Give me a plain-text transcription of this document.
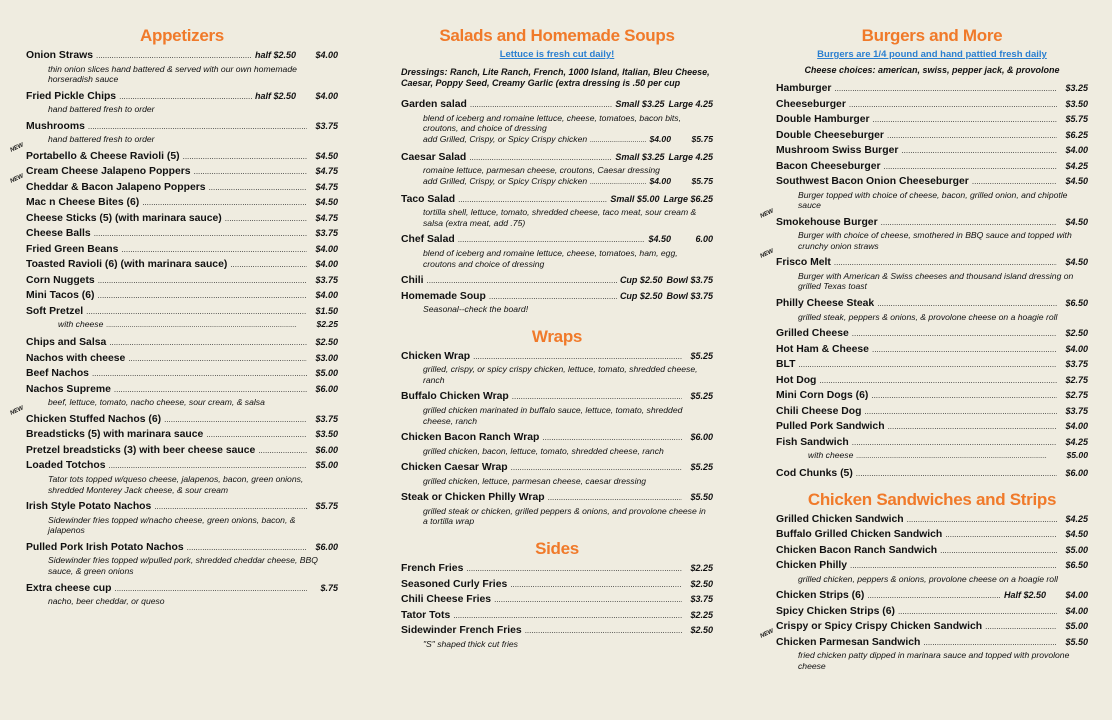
Appetizers
Onion Straws .....	half $2.50	$4.00
thin onion slices hand battered & served with our own homemade horseradish sauce
Fried Pickle Chips .....	half $2.50	$4.00
hand battered fresh to order
Mushrooms .....	$3.75
hand battered fresh to order
NEW
Portabello & Cheese Ravioli (5) .....	$4.50
Cream Cheese Jalapeno Poppers .....	$4.75
NEW
Cheddar & Bacon Jalapeno Poppers .....	$4.75
Mac n Cheese Bites (6) .....	$4.50
Cheese Sticks (5) (with marinara sauce) .....	$4.75
Cheese Balls .....	$3.75
Fried Green Beans .....	$4.00
Toasted Ravioli (6) (with marinara sauce) .....	$4.00
Corn Nuggets .....	$3.75
Mini Tacos (6) .....	$4.00
Soft Pretzel .....	$1.50
with cheese .....	$2.25
Chips and Salsa .....	$2.50
Nachos with cheese .....	$3.00
Beef Nachos .....	$5.00
Nachos Supreme .....	$6.00
beef, lettuce, tomato, nacho cheese, sour cream, & salsa
NEW
Chicken Stuffed Nachos (6) .....	$3.75
Breadsticks (5) with marinara sauce .....	$3.50
Pretzel breadsticks (3) with beer cheese sauce .....	$6.00
Loaded Totchos .....	$5.00
Tator tots topped w/queso cheese, jalapenos, bacon, green onions, shredded Monterey Jack cheese, & sour cream
Irish Style Potato Nachos .....	$5.75
Sidewinder fries topped w/nacho cheese, green onions, bacon, & jalapenos
Pulled Pork Irish Potato Nachos .....	$6.00
Sidewinder fries topped w/pulled pork, shredded cheddar cheese, BBQ sauce, & green onions
Extra cheese cup .....	$.75
nacho, beer cheddar, or queso
Salads and Homemade Soups
Lettuce is fresh cut daily!
Dressings: Ranch, Lite Ranch, French, 1000 Island, Italian, Bleu Cheese, Caesar, Poppy Seed, Creamy Garlic (extra dressing is .50 per cup
Garden salad .....	Small $3.25 Large 4.25
blend of iceberg and romaine lettuce, cheese, tomatoes, bacon bits, croutons, and choice of dressing
add Grilled, Crispy, or Spicy Crispy chicken .....	$4.00	$5.75
Caesar Salad .....	Small $3.25 Large 4.25
romaine lettuce, parmesan cheese, croutons, Caesar dressing
add Grilled, Crispy, or Spicy Crispy chicken .....	$4.00	$5.75
Taco Salad .....	Small $5.00 Large $6.25
tortilla shell, lettuce, tomato, shredded cheese, taco meat, sour cream & salsa (extra meat, add .75)
Chef Salad .....	$4.50	6.00
blend of iceberg and romaine lettuce, cheese, tomatoes, ham, egg, croutons and choice of dressing
Chili .....	Cup $2.50 Bowl $3.75
Homemade Soup .....	Cup $2.50 Bowl $3.75
Seasonal--check the board!
Wraps
Chicken Wrap .....	$5.25
grilled, crispy, or spicy crispy chicken, lettuce, tomato, shredded cheese, ranch
Buffalo Chicken Wrap .....	$5.25
grilled chicken marinated in buffalo sauce, lettuce, tomato, shredded cheese, ranch
Chicken Bacon Ranch Wrap .....	$6.00
grilled chicken, bacon, lettuce, tomato, shredded cheese, ranch
Chicken Caesar Wrap .....	$5.25
grilled chicken, lettuce, parmesan cheese, caesar dressing
Steak or Chicken Philly Wrap .....	$5.50
grilled steak or chicken, grilled peppers & onions, and provolone cheese in a tortilla wrap
Sides
French Fries .....	$2.25
Seasoned Curly Fries .....	$2.50
Chili Cheese Fries .....	$3.75
Tator Tots .....	$2.25
Sidewinder French Fries .....	$2.50
"S" shaped thick cut fries
Burgers and More
Burgers are 1/4 pound and hand pattied fresh daily
Cheese choices: american, swiss, pepper jack, & provolone
Hamburger .....	$3.25
Cheeseburger .....	$3.50
Double Hamburger .....	$5.75
Double Cheeseburger .....	$6.25
Mushroom Swiss Burger .....	$4.00
Bacon Cheeseburger .....	$4.25
Southwest Bacon Onion Cheeseburger .....	$4.50
Burger topped with choice of cheese, bacon, grilled onion, and chipotle sauce
NEW
Smokehouse Burger .....	$4.50
Burger with choice of cheese, smothered in BBQ sauce and topped with crunchy onion straws
NEW
Frisco Melt .....	$4.50
Burger with American & Swiss cheeses and thousand island dressing on grilled Texas toast
Philly Cheese Steak .....	$6.50
grilled steak, peppers & onions, & provolone cheese on a hoagie roll
Grilled Cheese .....	$2.50
Hot Ham & Cheese .....	$4.00
BLT .....	$3.75
Hot Dog .....	$2.75
Mini Corn Dogs (6) .....	$2.75
Chili Cheese Dog .....	$3.75
Pulled Pork Sandwich .....	$4.00
Fish Sandwich .....	$4.25
with cheese .....	$5.00
Cod Chunks (5) .....	$6.00
Chicken Sandwiches and Strips
Grilled Chicken Sandwich .....	$4.25
Buffalo Grilled Chicken Sandwich .....	$4.50
Chicken Bacon Ranch Sandwich .....	$5.00
Chicken Philly .....	$6.50
grilled chicken, peppers & onions, provolone cheese on a hoagie roll
Chicken Strips (6) .....	Half $2.50	$4.00
Spicy Chicken Strips (6) .....	$4.00
Crispy or Spicy Crispy Chicken Sandwich .....	$5.00
NEW
Chicken Parmesan Sandwich .....	$5.50
fried chicken patty dipped in marinara sauce and topped with provolone cheese
